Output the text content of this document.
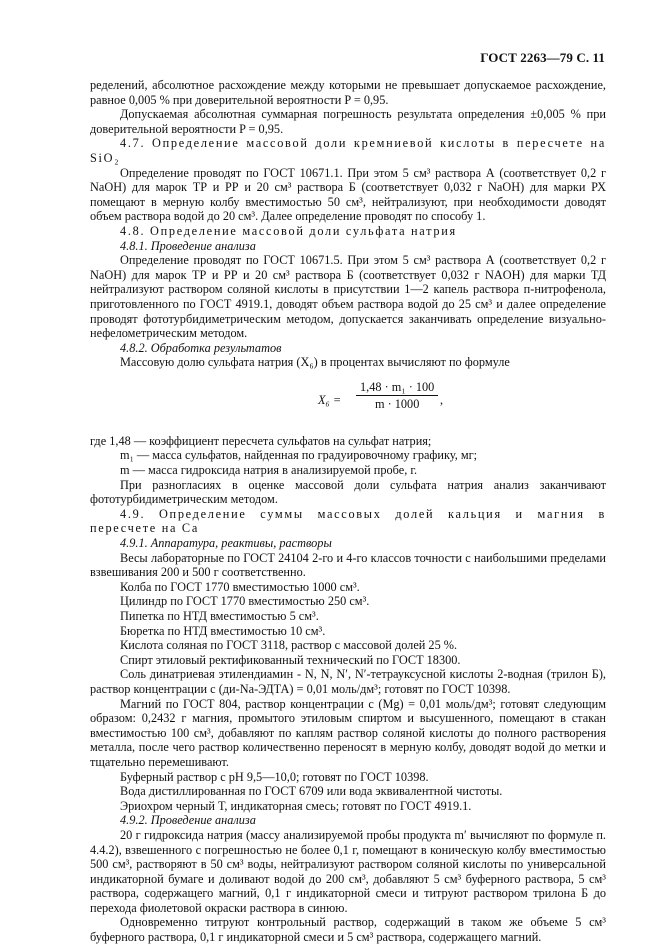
ГОСТ 2263—79 С. 11

ределений, абсолютное расхождение между которыми не превышает допускаемое расхождение, равное 0,005 % при доверительной вероятности P = 0,95.

Допускаемая абсолютная суммарная погрешность результата определения ±0,005 % при доверительной вероятности P = 0,95.

4.7. Определение массовой доли кремниевой кислоты в пересчете на SiO₂

Определение проводят по ГОСТ 10671.1. При этом 5 см³ раствора А (соответствует 0,2 г NaOH) для марок ТР и РР и 20 см³ раствора Б (соответствует 0,032 г NaOH) для марки РХ помещают в мерную колбу вместимостью 50 см³, нейтрализуют, при необходимости доводят объем раствора водой до 20 см³. Далее определение проводят по способу 1.

4.8. Определение массовой доли сульфата натрия

4.8.1. Проведение анализа

Определение проводят по ГОСТ 10671.5. При этом 5 см³ раствора А (соответствует 0,2 г NaOH) для марок ТР и РР и 20 см³ раствора Б (соответствует 0,032 г NAOH) для марки ТД нейтрализуют раствором соляной кислоты в присутствии 1—2 капель раствора п-нитрофенола, приготовленного по ГОСТ 4919.1, доводят объем раствора водой до 25 см³ и далее определение проводят фототурбидиметрическим методом, допускается заканчивать определение визуально-нефелометрическим методом.

4.8.2. Обработка результатов

Массовую долю сульфата натрия (X₆) в процентах вычисляют по формуле

$X_6 = \frac{\text{1,48 · m₁ · 100}}{m \cdot 1000}$ ,

где 1,48 — коэффициент пересчета сульфатов на сульфат натрия;

m₁ — масса сульфатов, найденная по градуировочному графику, мг;

m — масса гидроксида натрия в анализируемой пробе, г.

При разногласиях в оценке массовой доли сульфата натрия анализ заканчивают фототурбидиметрическим методом.

4.9. Определение суммы массовых долей кальция и магния в пересчете на Са

4.9.1. Аппаратура, реактивы, растворы

Весы лабораторные по ГОСТ 24104 2-го и 4-го классов точности с наибольшими пределами взвешивания 200 и 500 г соответственно.

Колба по ГОСТ 1770 вместимостью 1000 см³.

Цилиндр по ГОСТ 1770 вместимостью 250 см³.

Пипетка по НТД вместимостью 5 см³.

Бюретка по НТД вместимостью 10 см³.

Кислота соляная по ГОСТ 3118, раствор с массовой долей 25 %.

Спирт этиловый ректификованный технический по ГОСТ 18300.

Соль динатриевая этилендиамин - N, N, N′, N′-тетрауксусной кислоты 2-водная (трилон Б), раствор концентрации с (ди-Na-ЭДТА) = 0,01 моль/дм³; готовят по ГОСТ 10398.

Магний по ГОСТ 804, раствор концентрации с (Mg) = 0,01 моль/дм³; готовят следующим образом: 0,2432 г магния, промытого этиловым спиртом и высушенного, помещают в стакан вместимостью 100 см³, добавляют по каплям раствор соляной кислоты до полного растворения металла, после чего раствор количественно переносят в мерную колбу, доводят водой до метки и тщательно перемешивают.

Буферный раствор с рН 9,5—10,0; готовят по ГОСТ 10398.

Вода дистиллированная по ГОСТ 6709 или вода эквивалентной чистоты.

Эриохром черный Т, индикаторная смесь; готовят по ГОСТ 4919.1.

4.9.2. Проведение анализа

20 г гидроксида натрия (массу анализируемой пробы продукта m′ вычисляют по формуле п. 4.4.2), взвешенного с погрешностью не более 0,1 г, помещают в коническую колбу вместимостью 500 см³, растворяют в 50 см³ воды, нейтрализуют раствором соляной кислоты по универсальной индикаторной бумаге и доливают водой до 200 см³, добавляют 5 см³ буферного раствора, 5 см³ раствора, содержащего магний, 0,1 г индикаторной смеси и титруют раствором трилона Б до перехода фиолетовой окраски раствора в синюю.

Одновременно титруют контрольный раствор, содержащий в таком же объеме 5 см³ буферного раствора, 0,1 г индикаторной смеси и 5 см³ раствора, содержащего магний.
